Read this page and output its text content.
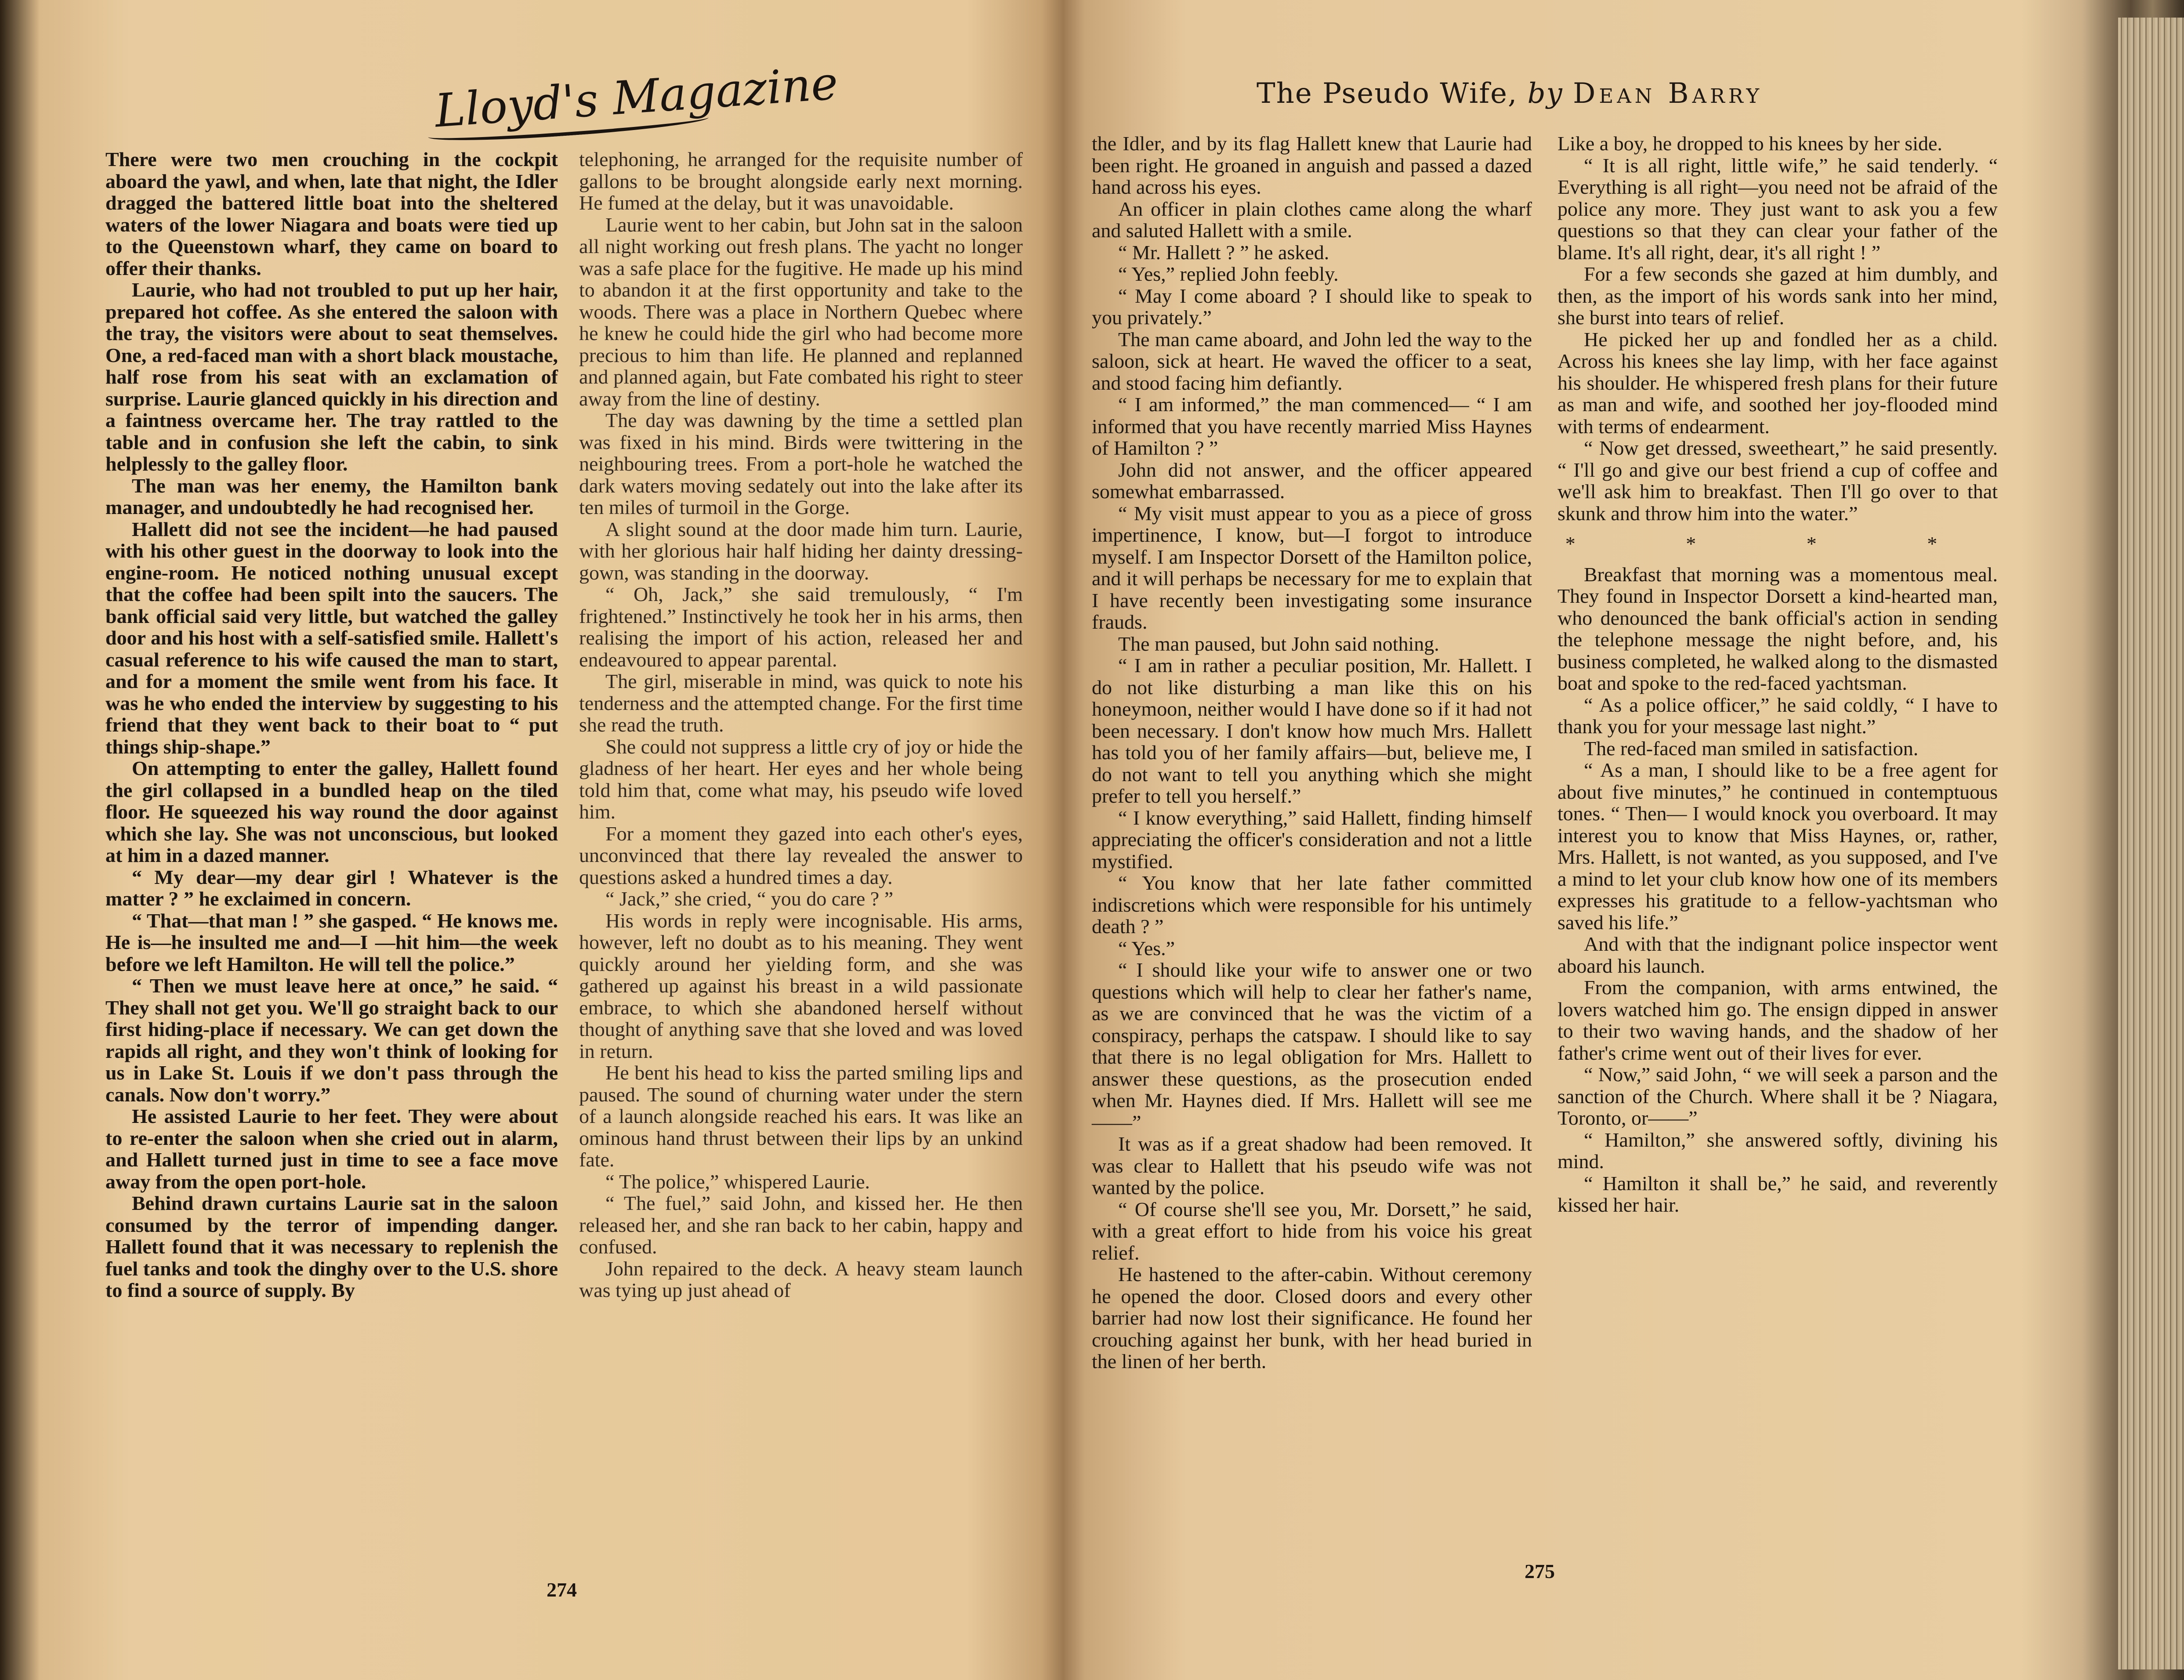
Lloyd's Magazine	The Pseudo Wife, by Dean Barry

There were two men crouching in the cockpit aboard the yawl, and when, late that night, the Idler dragged the battered little boat into the sheltered waters of the lower Niagara and boats were tied up to the Queenstown wharf, they came on board to offer their thanks.

Laurie, who had not troubled to put up her hair, prepared hot coffee. As she entered the saloon with the tray, the visitors were about to seat themselves. One, a red-faced man with a short black moustache, half rose from his seat with an exclamation of surprise. Laurie glanced quickly in his direction and a faintness overcame her. The tray rattled to the table and in confusion she left the cabin, to sink helplessly to the galley floor.

The man was her enemy, the Hamilton bank manager, and undoubtedly he had recognised her.

Hallett did not see the incident—he had paused with his other guest in the doorway to look into the engine-room. He noticed nothing unusual except that the coffee had been spilt into the saucers. The bank official said very little, but watched the galley door and his host with a self-satisfied smile. Hallett's casual reference to his wife caused the man to start, and for a moment the smile went from his face. It was he who ended the interview by suggesting to his friend that they went back to their boat to “ put things ship-shape.”

On attempting to enter the galley, Hallett found the girl collapsed in a bundled heap on the tiled floor. He squeezed his way round the door against which she lay. She was not unconscious, but looked at him in a dazed manner.

“ My dear—my dear girl ! Whatever is the matter ? ” he exclaimed in concern.

“ That—that man ! ” she gasped. “ He knows me. He is—he insulted me and—I —hit him—the week before we left Hamilton. He will tell the police.”

“ Then we must leave here at once,” he said. “ They shall not get you. We'll go straight back to our first hiding-place if necessary. We can get down the rapids all right, and they won't think of looking for us in Lake St. Louis if we don't pass through the canals. Now don't worry.”

He assisted Laurie to her feet. They were about to re-enter the saloon when she cried out in alarm, and Hallett turned just in time to see a face move away from the open port-hole.

Behind drawn curtains Laurie sat in the saloon consumed by the terror of impending danger. Hallett found that it was necessary to replenish the fuel tanks and took the dinghy over to the U.S. shore to find a source of supply. By

telephoning, he arranged for the requisite number of gallons to be brought alongside early next morning. He fumed at the delay, but it was unavoidable.

Laurie went to her cabin, but John sat in the saloon all night working out fresh plans. The yacht no longer was a safe place for the fugitive. He made up his mind to abandon it at the first opportunity and take to the woods. There was a place in Northern Quebec where he knew he could hide the girl who had become more precious to him than life. He planned and replanned and planned again, but Fate combated his right to steer away from the line of destiny.

The day was dawning by the time a settled plan was fixed in his mind. Birds were twittering in the neighbouring trees. From a port-hole he watched the dark waters moving sedately out into the lake after its ten miles of turmoil in the Gorge.

A slight sound at the door made him turn. Laurie, with her glorious hair half hiding her dainty dressing-gown, was standing in the doorway.

“ Oh, Jack,” she said tremulously, “ I'm frightened.” Instinctively he took her in his arms, then realising the import of his action, released her and endeavoured to appear parental.

The girl, miserable in mind, was quick to note his tenderness and the attempted change. For the first time she read the truth.

She could not suppress a little cry of joy or hide the gladness of her heart. Her eyes and her whole being told him that, come what may, his pseudo wife loved him.

For a moment they gazed into each other's eyes, unconvinced that there lay revealed the answer to questions asked a hundred times a day.

“ Jack,” she cried, “ you do care ? ”

His words in reply were incognisable. His arms, however, left no doubt as to his meaning. They went quickly around her yielding form, and she was gathered up against his breast in a wild passionate embrace, to which she abandoned herself without thought of anything save that she loved and was loved in return.

He bent his head to kiss the parted smiling lips and paused. The sound of churning water under the stern of a launch alongside reached his ears. It was like an ominous hand thrust between their lips by an unkind fate.

“ The police,” whispered Laurie.

“ The fuel,” said John, and kissed her. He then released her, and she ran back to her cabin, happy and confused.

John repaired to the deck. A heavy steam launch was tying up just ahead of

the Idler, and by its flag Hallett knew that Laurie had been right. He groaned in anguish and passed a dazed hand across his eyes.

An officer in plain clothes came along the wharf and saluted Hallett with a smile.

“ Mr. Hallett ? ” he asked.

“ Yes,” replied John feebly.

“ May I come aboard ? I should like to speak to you privately.”

The man came aboard, and John led the way to the saloon, sick at heart. He waved the officer to a seat, and stood facing him defiantly.

“ I am informed,” the man commenced— “ I am informed that you have recently married Miss Haynes of Hamilton ? ”

John did not answer, and the officer appeared somewhat embarrassed.

“ My visit must appear to you as a piece of gross impertinence, I know, but—I forgot to introduce myself. I am Inspector Dorsett of the Hamilton police, and it will perhaps be necessary for me to explain that I have recently been investigating some insurance frauds.

The man paused, but John said nothing.

“ I am in rather a peculiar position, Mr. Hallett. I do not like disturbing a man like this on his honeymoon, neither would I have done so if it had not been necessary. I don't know how much Mrs. Hallett has told you of her family affairs—but, believe me, I do not want to tell you anything which she might prefer to tell you herself.”

“ I know everything,” said Hallett, finding himself appreciating the officer's consideration and not a little mystified.

“ You know that her late father committed indiscretions which were responsible for his untimely death ? ”

“ Yes.”

“ I should like your wife to answer one or two questions which will help to clear her father's name, as we are convinced that he was the victim of a conspiracy, perhaps the catspaw. I should like to say that there is no legal obligation for Mrs. Hallett to answer these questions, as the prosecution ended when Mr. Haynes died. If Mrs. Hallett will see me——”

It was as if a great shadow had been removed. It was clear to Hallett that his pseudo wife was not wanted by the police.

“ Of course she'll see you, Mr. Dorsett,” he said, with a great effort to hide from his voice his great relief.

He hastened to the after-cabin. Without ceremony he opened the door. Closed doors and every other barrier had now lost their significance. He found her crouching against her bunk, with her head buried in the linen of her berth.

Like a boy, he dropped to his knees by her side.

“ It is all right, little wife,” he said tenderly. “ Everything is all right—you need not be afraid of the police any more. They just want to ask you a few questions so that they can clear your father of the blame. It's all right, dear, it's all right ! ”

For a few seconds she gazed at him dumbly, and then, as the import of his words sank into her mind, she burst into tears of relief.

He picked her up and fondled her as a child. Across his knees she lay limp, with her face against his shoulder. He whispered fresh plans for their future as man and wife, and soothed her joy-flooded mind with terms of endearment.

“ Now get dressed, sweetheart,” he said presently. “ I'll go and give our best friend a cup of coffee and we'll ask him to breakfast. Then I'll go over to that skunk and throw him into the water.”

* * * *

Breakfast that morning was a momentous meal. They found in Inspector Dorsett a kind-hearted man, who denounced the bank official's action in sending the telephone message the night before, and, his business completed, he walked along to the dismasted boat and spoke to the red-faced yachtsman.

“ As a police officer,” he said coldly, “ I have to thank you for your message last night.”

The red-faced man smiled in satisfaction.

“ As a man, I should like to be a free agent for about five minutes,” he continued in contemptuous tones. “ Then— I would knock you overboard. It may interest you to know that Miss Haynes, or, rather, Mrs. Hallett, is not wanted, as you supposed, and I've a mind to let your club know how one of its members expresses his gratitude to a fellow-yachtsman who saved his life.”

And with that the indignant police inspector went aboard his launch.

From the companion, with arms entwined, the lovers watched him go. The ensign dipped in answer to their two waving hands, and the shadow of her father's crime went out of their lives for ever.

“ Now,” said John, “ we will seek a parson and the sanction of the Church. Where shall it be ? Niagara, Toronto, or——”

“ Hamilton,” she answered softly, divining his mind.

“ Hamilton it shall be,” he said, and reverently kissed her hair.

274
275
